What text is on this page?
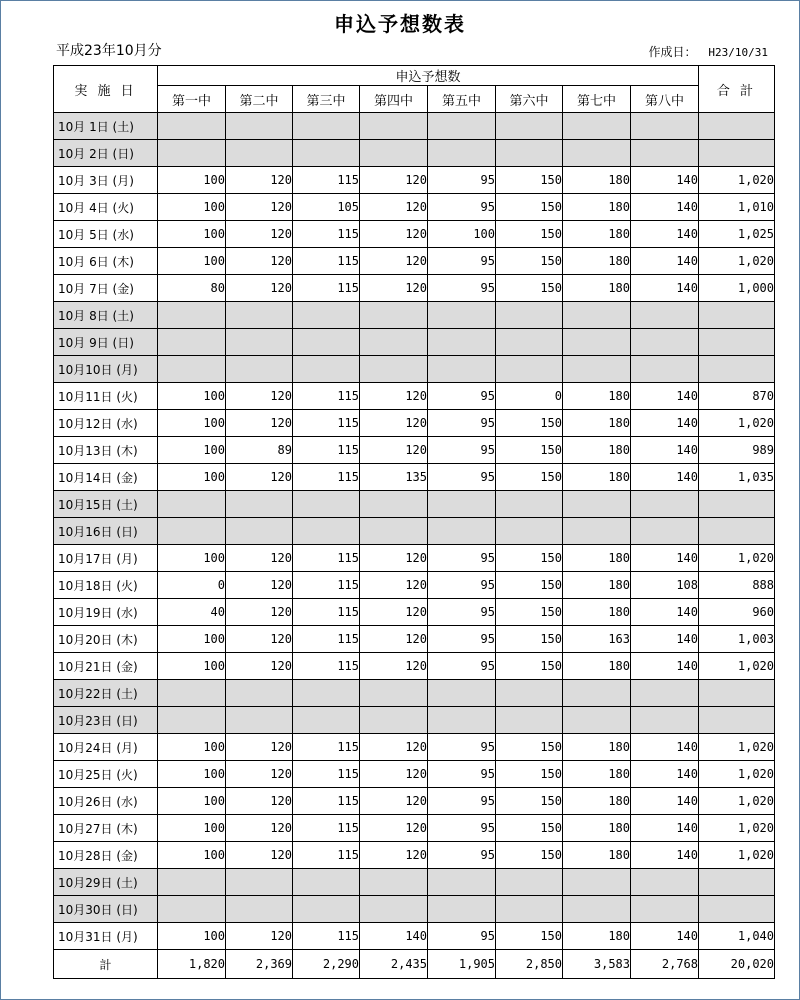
申込予想数表
平成23年10月分	作成日： H23/10/31
実 施 日	申込予想数								合 計
	第一中	第二中	第三中	第四中	第五中	第六中	第七中	第八中	
10月 1日 (土)									
10月 2日 (日)									
10月 3日 (月)	100	120	115	120	95	150	180	140	1,020
10月 4日 (火)	100	120	105	120	95	150	180	140	1,010
10月 5日 (水)	100	120	115	120	100	150	180	140	1,025
10月 6日 (木)	100	120	115	120	95	150	180	140	1,020
10月 7日 (金)	80	120	115	120	95	150	180	140	1,000
10月 8日 (土)									
10月 9日 (日)									
10月10日 (月)									
10月11日 (火)	100	120	115	120	95	0	180	140	870
10月12日 (水)	100	120	115	120	95	150	180	140	1,020
10月13日 (木)	100	89	115	120	95	150	180	140	989
10月14日 (金)	100	120	115	135	95	150	180	140	1,035
10月15日 (土)									
10月16日 (日)									
10月17日 (月)	100	120	115	120	95	150	180	140	1,020
10月18日 (火)	0	120	115	120	95	150	180	108	888
10月19日 (水)	40	120	115	120	95	150	180	140	960
10月20日 (木)	100	120	115	120	95	150	163	140	1,003
10月21日 (金)	100	120	115	120	95	150	180	140	1,020
10月22日 (土)									
10月23日 (日)									
10月24日 (月)	100	120	115	120	95	150	180	140	1,020
10月25日 (火)	100	120	115	120	95	150	180	140	1,020
10月26日 (水)	100	120	115	120	95	150	180	140	1,020
10月27日 (木)	100	120	115	120	95	150	180	140	1,020
10月28日 (金)	100	120	115	120	95	150	180	140	1,020
10月29日 (土)									
10月30日 (日)									
10月31日 (月)	100	120	115	140	95	150	180	140	1,040
計	1,820	2,369	2,290	2,435	1,905	2,850	3,583	2,768	20,020
